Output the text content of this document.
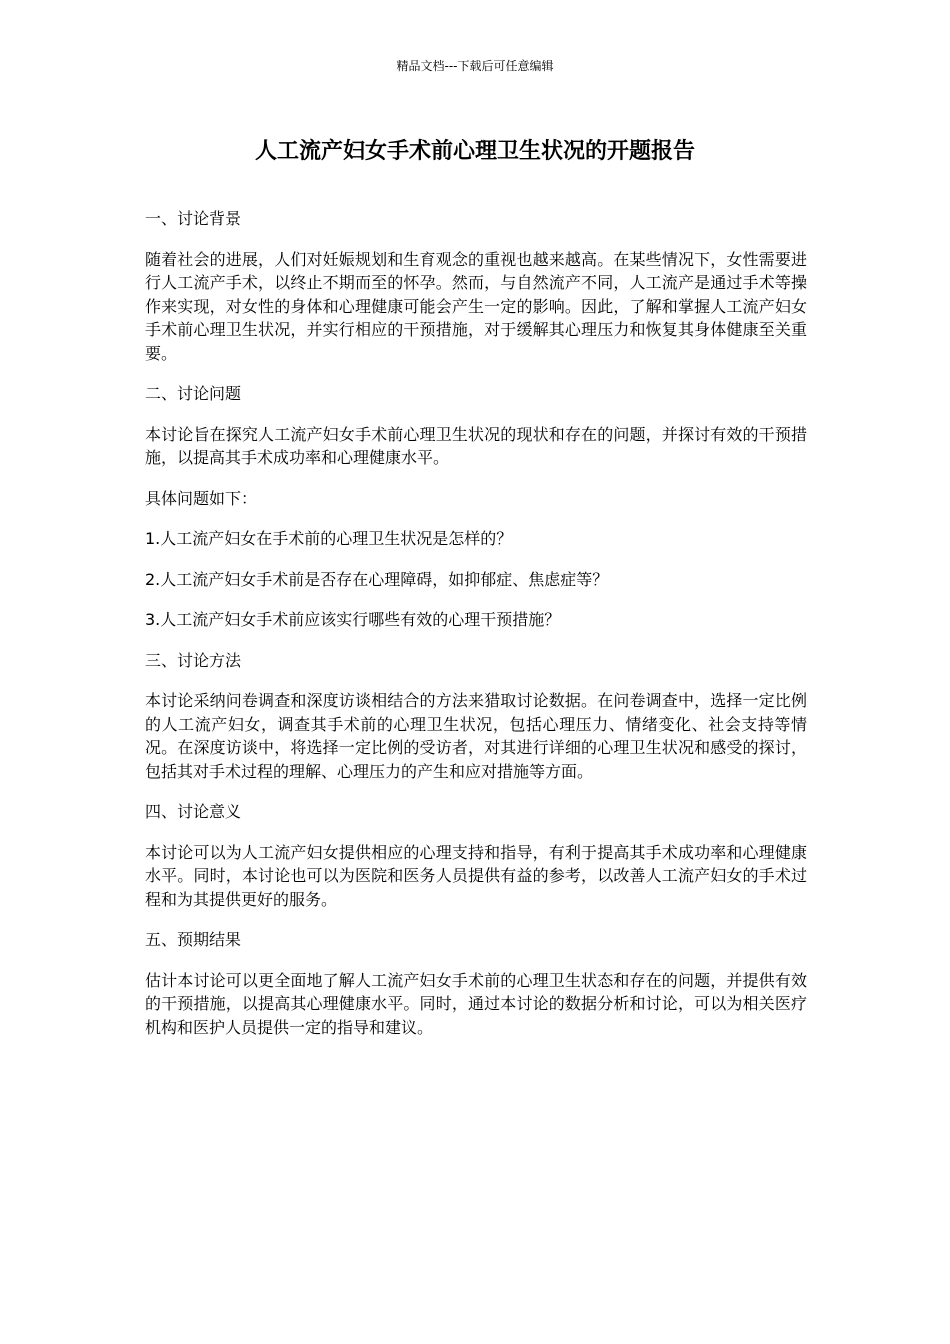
精品文档---下载后可任意编辑
人工流产妇女手术前心理卫生状况的开题报告

一、讨论背景

随着社会的进展，人们对妊娠规划和生育观念的重视也越来越高。在某些情况下，女性需要进行人工流产手术，以终止不期而至的怀孕。然而，与自然流产不同，人工流产是通过手术等操作来实现，对女性的身体和心理健康可能会产生一定的影响。因此，了解和掌握人工流产妇女手术前心理卫生状况，并实行相应的干预措施，对于缓解其心理压力和恢复其身体健康至关重要。

二、讨论问题

本讨论旨在探究人工流产妇女手术前心理卫生状况的现状和存在的问题，并探讨有效的干预措施，以提高其手术成功率和心理健康水平。

具体问题如下：

1.人工流产妇女在手术前的心理卫生状况是怎样的？

2.人工流产妇女手术前是否存在心理障碍，如抑郁症、焦虑症等？

3.人工流产妇女手术前应该实行哪些有效的心理干预措施？

三、讨论方法

本讨论采纳问卷调查和深度访谈相结合的方法来猎取讨论数据。在问卷调查中，选择一定比例的人工流产妇女，调查其手术前的心理卫生状况，包括心理压力、情绪变化、社会支持等情况。在深度访谈中，将选择一定比例的受访者，对其进行详细的心理卫生状况和感受的探讨，包括其对手术过程的理解、心理压力的产生和应对措施等方面。

四、讨论意义

本讨论可以为人工流产妇女提供相应的心理支持和指导，有利于提高其手术成功率和心理健康水平。同时，本讨论也可以为医院和医务人员提供有益的参考，以改善人工流产妇女的手术过程和为其提供更好的服务。

五、预期结果

估计本讨论可以更全面地了解人工流产妇女手术前的心理卫生状态和存在的问题，并提供有效的干预措施，以提高其心理健康水平。同时，通过本讨论的数据分析和讨论，可以为相关医疗机构和医护人员提供一定的指导和建议。
